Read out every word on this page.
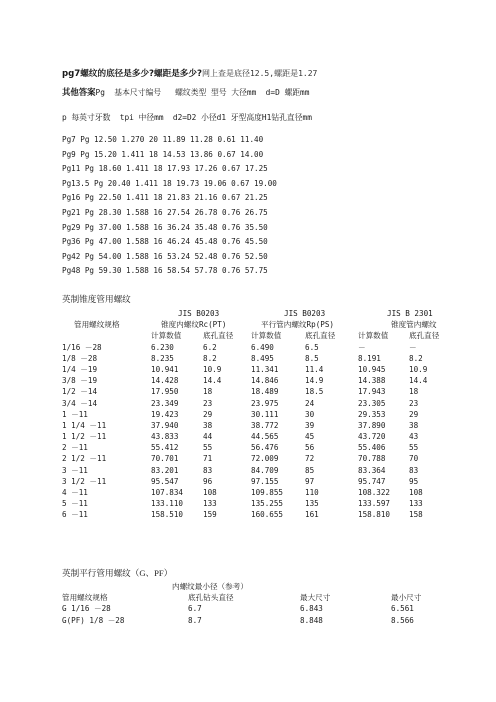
pg7螺纹的底径是多少?螺距是多少?网上查是底径12.5,螺距是1.27
其他答案Pg  基本尺寸编号   螺纹类型 型号 大径mm  d=D 螺距mm
p 每英寸牙数  tpi 中径mm  d2=D2 小径d1 牙型高度H1钻孔直径mm
Pg7 Pg 12.50 1.270 20 11.89 11.28 0.61 11.40
Pg9 Pg 15.20 1.411 18 14.53 13.86 0.67 14.00
Pg11 Pg 18.60 1.411 18 17.93 17.26 0.67 17.25
Pg13.5 Pg 20.40 1.411 18 19.73 19.06 0.67 19.00
Pg16 Pg 22.50 1.411 18 21.83 21.16 0.67 21.25
Pg21 Pg 28.30 1.588 16 27.54 26.78 0.76 26.75
Pg29 Pg 37.00 1.588 16 36.24 35.48 0.76 35.50
Pg36 Pg 47.00 1.588 16 46.24 45.48 0.76 45.50
Pg42 Pg 54.00 1.588 16 53.24 52.48 0.76 52.50
Pg48 Pg 59.30 1.588 16 58.54 57.78 0.76 57.75
英制锥度管用螺纹
JIS B0203	JIS B0203	JIS B 2301
管用螺纹规格	锥度内螺纹Rc(PT)	平行管内螺纹Rp(PS)	锥度管内螺纹
计算数值	底孔直径 计算数值	底孔直径	计算数值	底孔直径
1/16 －28	6.230	6.2	6.490	6.5	－	－
1/8 －28	8.235	8.2	8.495	8.5	8.191	8.2
1/4 －19	10.941	10.9	11.341	11.4	10.945	10.9
3/8 －19	14.428	14.4	14.846	14.9	14.388	14.4
1/2 －14	17.950	18	18.489	18.5	17.943	18
3/4 －14	23.349	23	23.975	24	23.305	23
1 －11	19.423	29	30.111	30	29.353	29
1 1/4 －11	37.940	38	38.772	39	37.890	38
1 1/2 －11	43.833	44	44.565	45	43.720	43
2 －11	55.412	55	56.476	56	55.406	55
2 1/2 －11	70.701	71	72.009	72	70.788	70
3 －11	83.201	83	84.709	85	83.364	83
3 1/2 －11	95.547	96	97.155	97	95.747	95
4 －11	107.834	108	109.855	110	108.322 108
5 －11	133.110	133	135.255	135	133.597 133
6 －11	158.510	159	160.655	161	158.810 158
英制平行管用螺纹（G、PF）
内螺纹最小径（参考）
管用螺纹规格	底孔钻头直径	最大尺寸	最小尺寸
G 1/16 －28	6.7	6.843	6.561
G(PF) 1/8 －28	8.7	8.848	8.566
